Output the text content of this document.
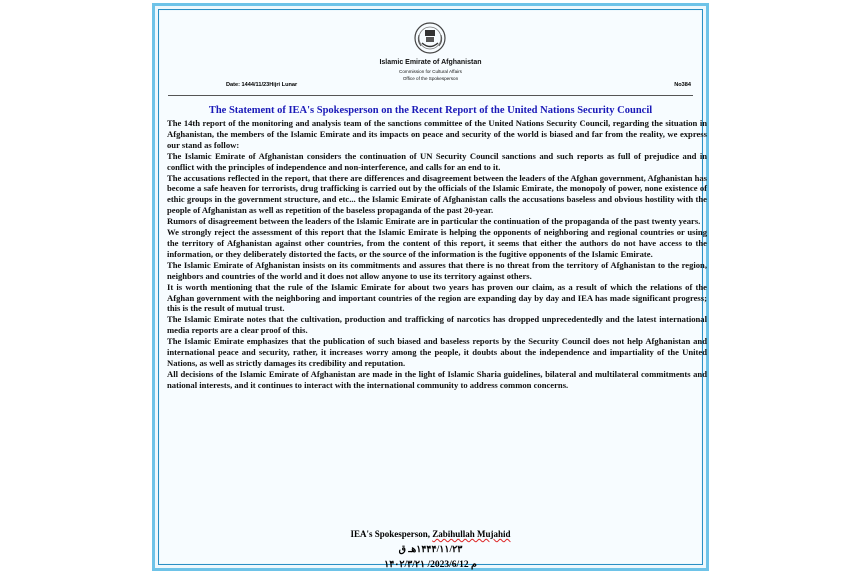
Islamic Emirate of Afghanistan
Commission for Cultural Affairs
Office of the Spokesperson
Date: 1444/11/23Hijri Lunar	No384
The Statement of IEA's Spokesperson on the Recent Report of the United Nations Security Council

The 14th report of the monitoring and analysis team of the sanctions committee of the United Nations Security Council, regarding the situation in Afghanistan, the members of the Islamic Emirate and its impacts on peace and security of the world is biased and far from the reality, we express our stand as follow:

The Islamic Emirate of Afghanistan considers the continuation of UN Security Council sanctions and such reports as full of prejudice and in conflict with the principles of independence and non-interference, and calls for an end to it.

The accusations reflected in the report, that there are differences and disagreement between the leaders of the Afghan government, Afghanistan has become a safe heaven for terrorists, drug trafficking is carried out by the officials of the Islamic Emirate, the monopoly of power, none existence of ethic groups in the government structure, and etc... the Islamic Emirate of Afghanistan calls the accusations baseless and obvious hostility with the people of Afghanistan as well as repetition of the baseless propaganda of the past 20-year.

Rumors of disagreement between the leaders of the Islamic Emirate are in particular the continuation of the propaganda of the past twenty years.

We strongly reject the assessment of this report that the Islamic Emirate is helping the opponents of neighboring and regional countries or using the territory of Afghanistan against other countries, from the content of this report, it seems that either the authors do not have access to the information, or they deliberately distorted the facts, or the source of the information is the fugitive opponents of the Islamic Emirate.

The Islamic Emirate of Afghanistan insists on its commitments and assures that there is no threat from the territory of Afghanistan to the region, neighbors and countries of the world and it does not allow anyone to use its territory against others.

It is worth mentioning that the rule of the Islamic Emirate for about two years has proven our claim, as a result of which the relations of the Afghan government with the neighboring and important countries of the region are expanding day by day and IEA has made significant progress; this is the result of mutual trust.

The Islamic Emirate notes that the cultivation, production and trafficking of narcotics has dropped unprecedentedly and the latest international media reports are a clear proof of this.

The Islamic Emirate emphasizes that the publication of such biased and baseless reports by the Security Council does not help Afghanistan and international peace and security, rather, it increases worry among the people, it doubts about the independence and impartiality of the United Nations, as well as strictly damages its credibility and reputation.

All decisions of the Islamic Emirate of Afghanistan are made in the light of Islamic Sharia guidelines, bilateral and multilateral commitments and national interests, and it continues to interact with the international community to address common concerns.

IEA's Spokesperson, Zabihullah Mujahid
۱۴۴۴/۱۱/۲۳هـ ق
م 2023/6/12/ ۱۴۰۲/۳/۲۱
